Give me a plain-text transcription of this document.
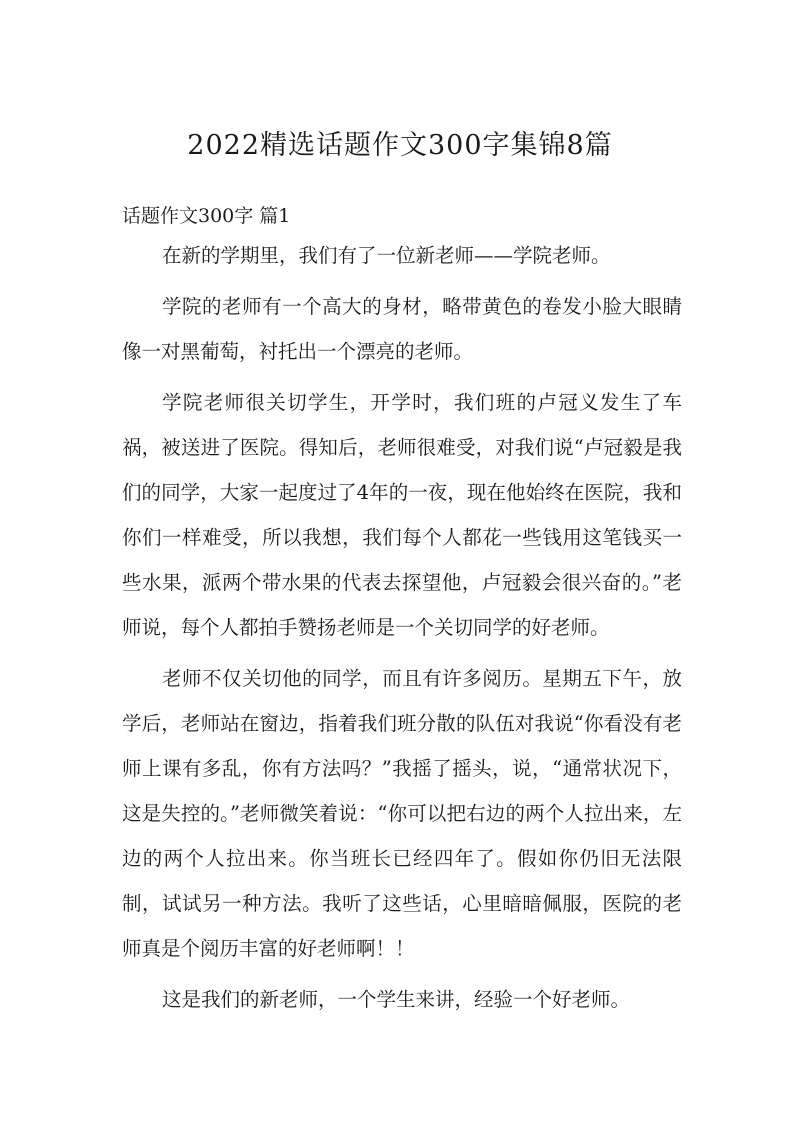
2022精选话题作文300字集锦8篇
话题作文300字 篇1

在新的学期里，我们有了一位新老师——学院老师。

学院的老师有一个高大的身材，略带黄色的卷发小脸大眼睛像一对黑葡萄，衬托出一个漂亮的老师。

学院老师很关切学生，开学时，我们班的卢冠义发生了车祸，被送进了医院。得知后，老师很难受，对我们说“卢冠毅是我们的同学，大家一起度过了4年的一夜，现在他始终在医院，我和你们一样难受，所以我想，我们每个人都花一些钱用这笔钱买一些水果，派两个带水果的代表去探望他，卢冠毅会很兴奋的。”老师说，每个人都拍手赞扬老师是一个关切同学的好老师。

老师不仅关切他的同学，而且有许多阅历。星期五下午，放学后，老师站在窗边，指着我们班分散的队伍对我说“你看没有老师上课有多乱，你有方法吗？”我摇了摇头，说，“通常状况下，这是失控的。”老师微笑着说：“你可以把右边的两个人拉出来，左边的两个人拉出来。你当班长已经四年了。假如你仍旧无法限制，试试另一种方法。我听了这些话，心里暗暗佩服，医院的老师真是个阅历丰富的好老师啊！！

这是我们的新老师，一个学生来讲，经验一个好老师。
